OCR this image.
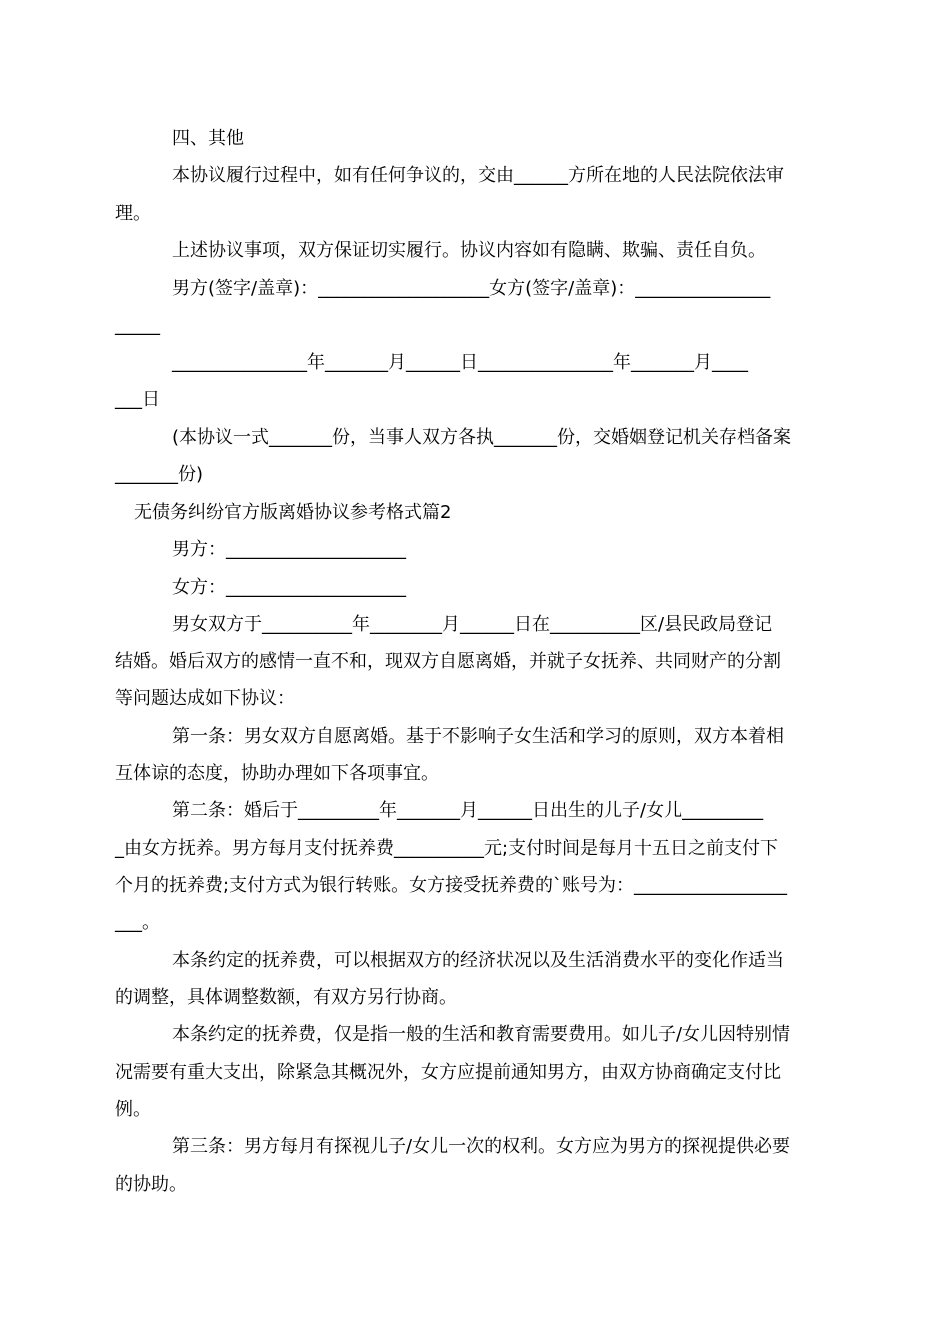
四、其他
本协议履行过程中，如有任何争议的，交由______方所在地的人民法院依法审
理。
上述协议事项，双方保证切实履行。协议内容如有隐瞒、欺骗、责任自负。
男方(签字/盖章)：___________________女方(签字/盖章)：_______________
_____
_______________年_______月______日_______________年_______月____
___日
(本协议一式_______份，当事人双方各执_______份，交婚姻登记机关存档备案
_______份)
无债务纠纷官方版离婚协议参考格式篇2
男方：____________________
女方：____________________
男女双方于__________年________月______日在__________区/县民政局登记
结婚。婚后双方的感情一直不和，现双方自愿离婚，并就子女抚养、共同财产的分割
等问题达成如下协议：
第一条：男女双方自愿离婚。基于不影响子女生活和学习的原则，双方本着相
互体谅的态度，协助办理如下各项事宜。
第二条：婚后于_________年_______月______日出生的儿子/女儿_________
_由女方抚养。男方每月支付抚养费__________元;支付时间是每月十五日之前支付下
个月的抚养费;支付方式为银行转账。女方接受抚养费的`账号为：_________________
___。
本条约定的抚养费，可以根据双方的经济状况以及生活消费水平的变化作适当
的调整，具体调整数额，有双方另行协商。
本条约定的抚养费，仅是指一般的生活和教育需要费用。如儿子/女儿因特别情
况需要有重大支出，除紧急其概况外，女方应提前通知男方，由双方协商确定支付比
例。
第三条：男方每月有探视儿子/女儿一次的权利。女方应为男方的探视提供必要
的协助。
